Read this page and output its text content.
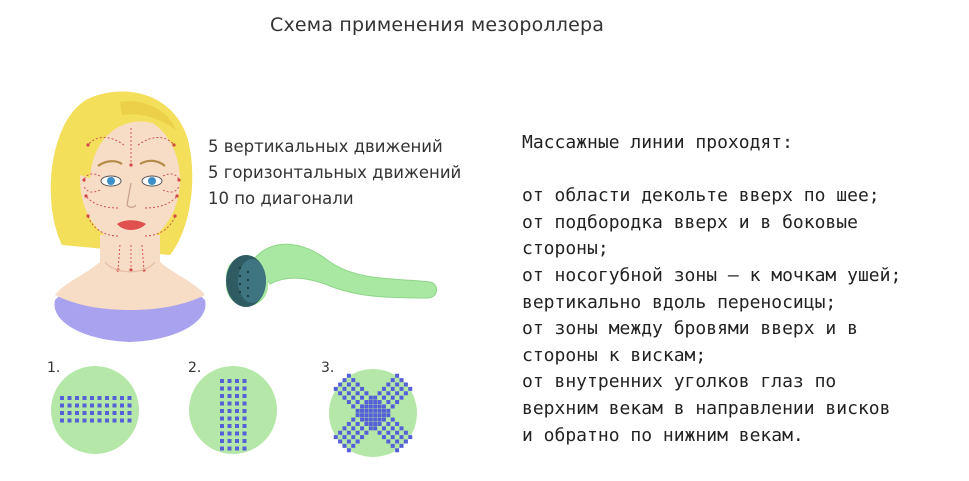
Схема применения мезороллера
5 вертикальных движений
5 горизонтальных движений
10 по диагонали
1.	2.	3.
Массажные линии проходят:
от области декольте вверх по шее;
от подбородка вверх и в боковые
стороны;
от носогубной зоны – к мочкам ушей;
вертикально вдоль переносицы;
от зоны между бровями вверх и в
стороны к вискам;
от внутренних уголков глаз по
верхним векам в направлении висков
и обратно по нижним векам.
